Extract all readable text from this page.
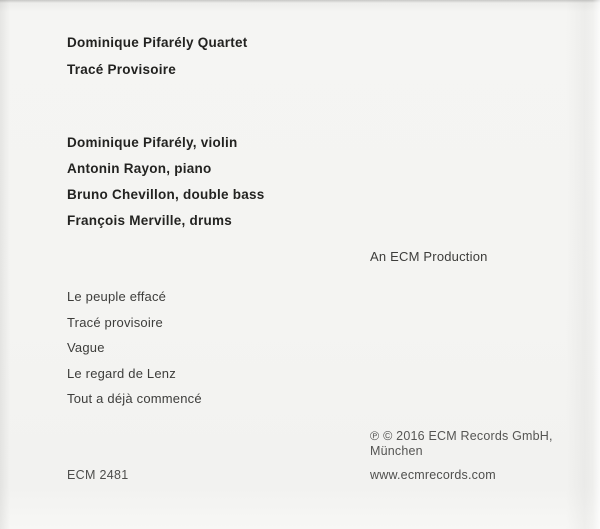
Dominique Pifarély Quartet
Tracé Provisoire
Dominique Pifarély, violin
Antonin Rayon, piano
Bruno Chevillon, double bass
François Merville, drums
An ECM Production
Le peuple effacé
Tracé provisoire
Vague
Le regard de Lenz
Tout a déjà commencé
℗ © 2016 ECM Records GmbH,
München
ECM 2481	www.ecmrecords.com
